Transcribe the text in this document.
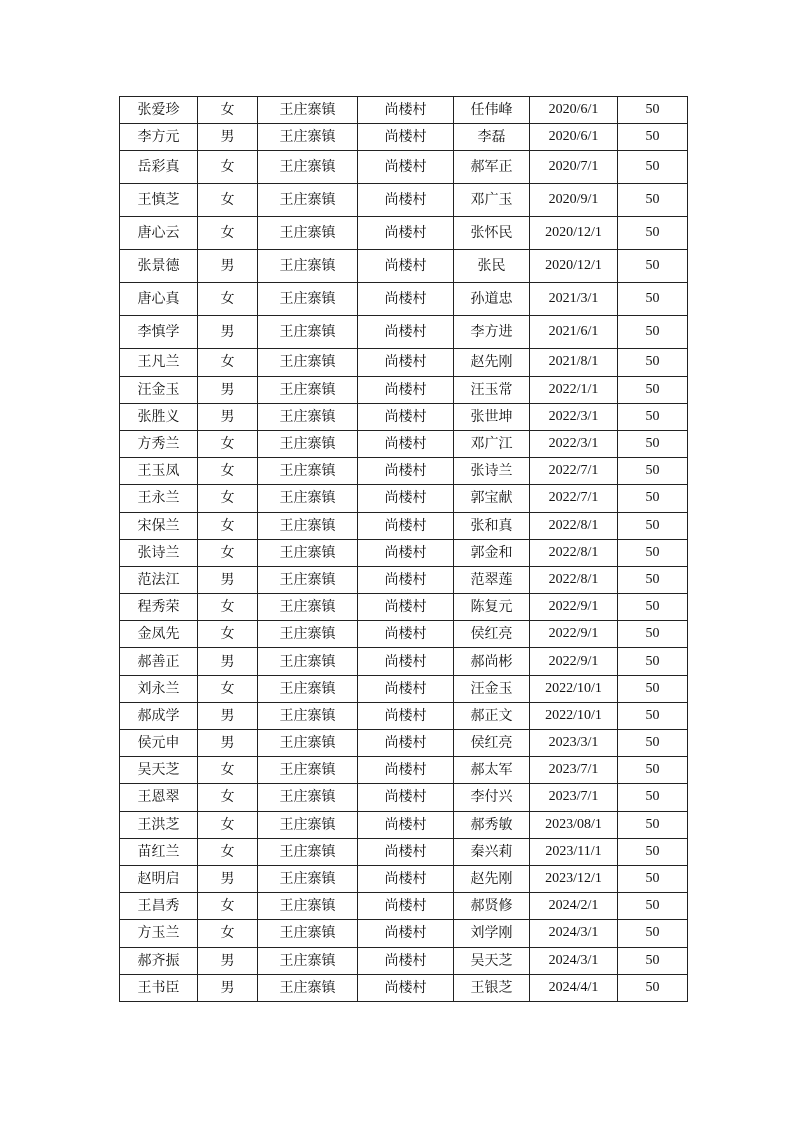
张爱珍	女	王庄寨镇	尚楼村	任伟峰	2020/6/1	50
李方元	男	王庄寨镇	尚楼村	李磊	2020/6/1	50
岳彩真	女	王庄寨镇	尚楼村	郝军正	2020/7/1	50
王慎芝	女	王庄寨镇	尚楼村	邓广玉	2020/9/1	50
唐心云	女	王庄寨镇	尚楼村	张怀民	2020/12/1	50
张景德	男	王庄寨镇	尚楼村	张民	2020/12/1	50
唐心真	女	王庄寨镇	尚楼村	孙道忠	2021/3/1	50
李慎学	男	王庄寨镇	尚楼村	李方进	2021/6/1	50
王凡兰	女	王庄寨镇	尚楼村	赵先刚	2021/8/1	50
汪金玉	男	王庄寨镇	尚楼村	汪玉常	2022/1/1	50
张胜义	男	王庄寨镇	尚楼村	张世坤	2022/3/1	50
方秀兰	女	王庄寨镇	尚楼村	邓广江	2022/3/1	50
王玉凤	女	王庄寨镇	尚楼村	张诗兰	2022/7/1	50
王永兰	女	王庄寨镇	尚楼村	郭宝献	2022/7/1	50
宋保兰	女	王庄寨镇	尚楼村	张和真	2022/8/1	50
张诗兰	女	王庄寨镇	尚楼村	郭金和	2022/8/1	50
范法江	男	王庄寨镇	尚楼村	范翠莲	2022/8/1	50
程秀荣	女	王庄寨镇	尚楼村	陈复元	2022/9/1	50
金凤先	女	王庄寨镇	尚楼村	侯红亮	2022/9/1	50
郝善正	男	王庄寨镇	尚楼村	郝尚彬	2022/9/1	50
刘永兰	女	王庄寨镇	尚楼村	汪金玉	2022/10/1	50
郝成学	男	王庄寨镇	尚楼村	郝正文	2022/10/1	50
侯元申	男	王庄寨镇	尚楼村	侯红亮	2023/3/1	50
吴天芝	女	王庄寨镇	尚楼村	郝太军	2023/7/1	50
王恩翠	女	王庄寨镇	尚楼村	李付兴	2023/7/1	50
王洪芝	女	王庄寨镇	尚楼村	郝秀敏	2023/08/1	50
苗红兰	女	王庄寨镇	尚楼村	秦兴莉	2023/11/1	50
赵明启	男	王庄寨镇	尚楼村	赵先刚	2023/12/1	50
王昌秀	女	王庄寨镇	尚楼村	郝贤修	2024/2/1	50
方玉兰	女	王庄寨镇	尚楼村	刘学刚	2024/3/1	50
郝齐振	男	王庄寨镇	尚楼村	吴天芝	2024/3/1	50
王书臣	男	王庄寨镇	尚楼村	王银芝	2024/4/1	50
